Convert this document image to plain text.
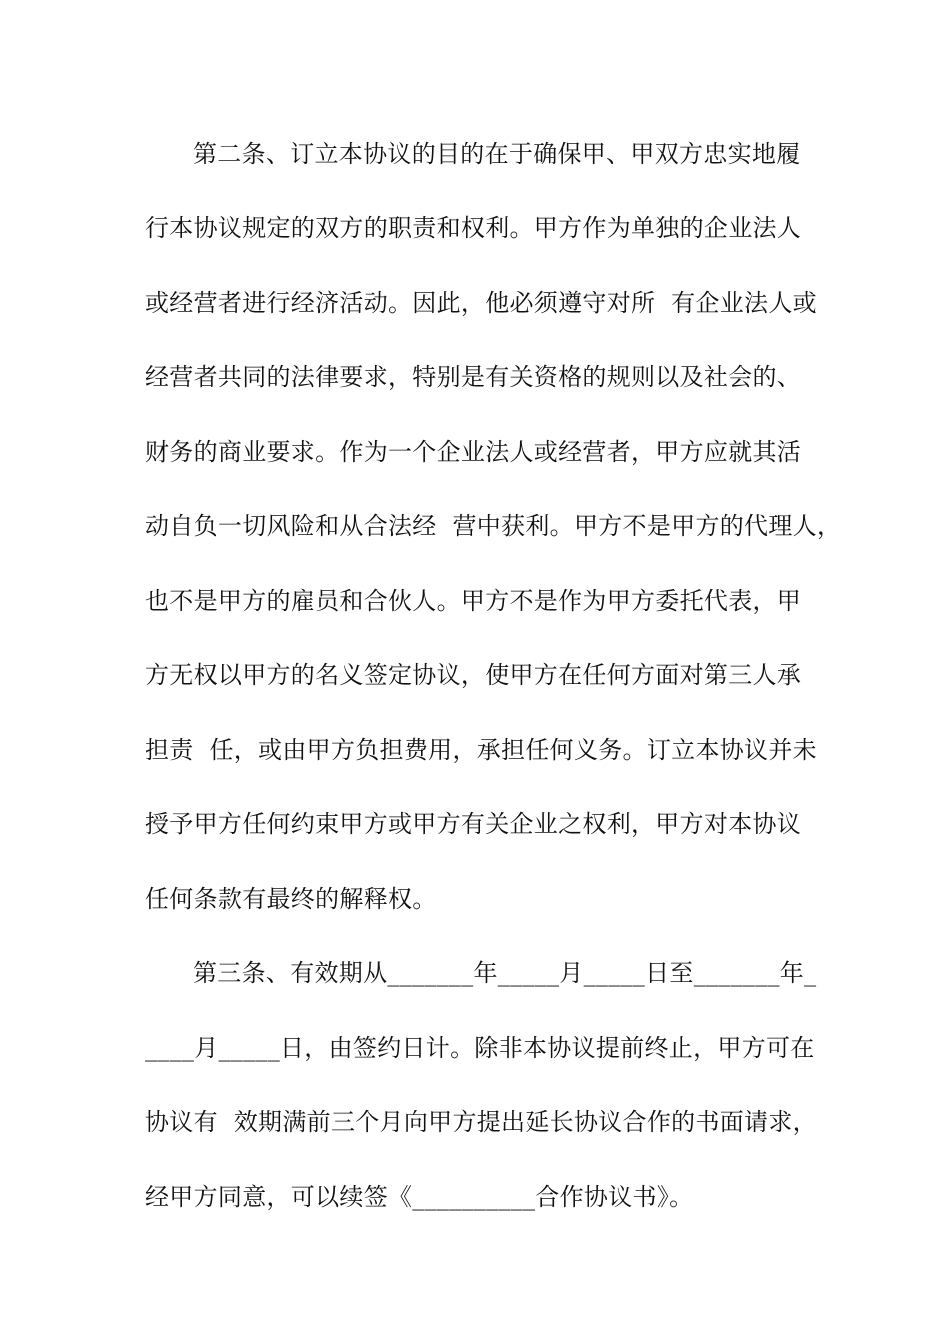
第二条、订立本协议的目的在于确保甲、甲双方忠实地履
行本协议规定的双方的职责和权利。甲方作为单独的企业法人
或经营者进行经济活动。因此，他必须遵守对所  有企业法人或
经营者共同的法律要求，特别是有关资格的规则以及社会的、
财务的商业要求。作为一个企业法人或经营者，甲方应就其活
动自负一切风险和从合法经  营中获利。甲方不是甲方的代理人，
也不是甲方的雇员和合伙人。甲方不是作为甲方委托代表，甲
方无权以甲方的名义签定协议，使甲方在任何方面对第三人承
担责  任，或由甲方负担费用，承担任何义务。订立本协议并未
授予甲方任何约束甲方或甲方有关企业之权利，甲方对本协议
任何条款有最终的解释权。
第三条、有效期从_______年_____月_____日至_______年_
____月_____日，由签约日计。除非本协议提前终止，甲方可在
协议有  效期满前三个月向甲方提出延长协议合作的书面请求，
经甲方同意，可以续签《__________合作协议书》。
